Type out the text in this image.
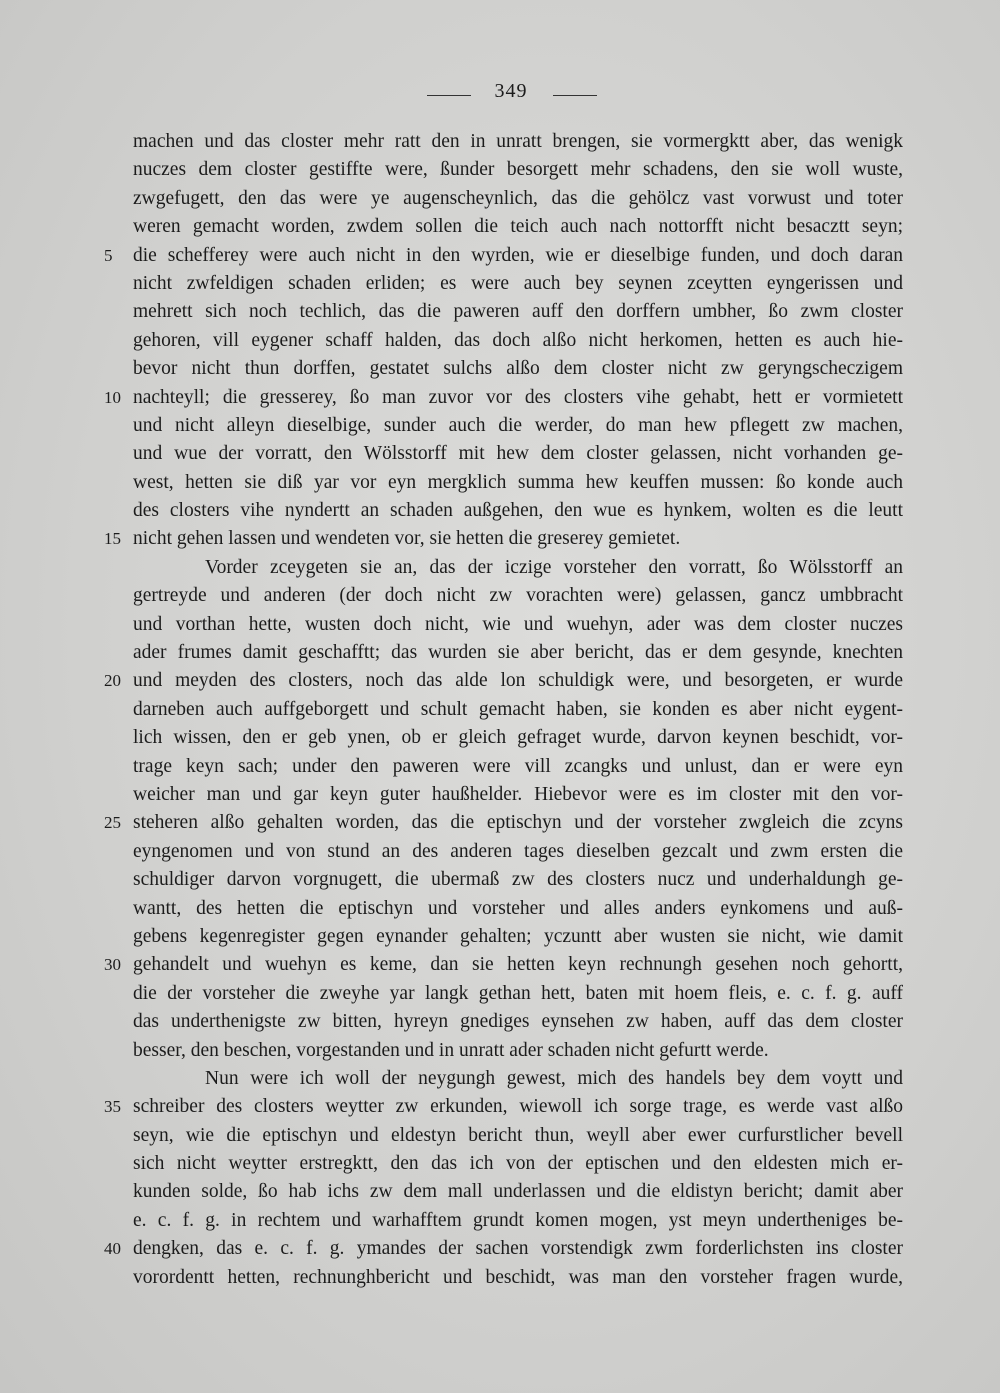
349
machen und das closter mehr ratt den in unratt brengen, sie vormergktt aber, das wenigk
nuczes dem closter gestiffte were, ßunder besorgett mehr schadens, den sie woll wuste,
zwgefugett, den das were ye augenscheynlich, das die gehölcz vast vorwust und toter
weren gemacht worden, zwdem sollen die teich auch nach nottorfft nicht besacztt seyn;
5	die schefferey were auch nicht in den wyrden, wie er dieselbige funden, und doch daran
nicht zwfeldigen schaden erliden; es were auch bey seynen zceytten eyngerissen und
mehrett sich noch techlich, das die paweren auff den dorffern umbher, ßo zwm closter
gehoren, vill eygener schaff halden, das doch alßo nicht herkomen, hetten es auch hie-
bevor nicht thun dorffen, gestatet sulchs alßo dem closter nicht zw geryngscheczigem
10 nachteyll; die gresserey, ßo man zuvor vor des closters vihe gehabt, hett er vormietett
und nicht alleyn dieselbige, sunder auch die werder, do man hew pflegett zw machen,
und wue der vorratt, den Wölsstorff mit hew dem closter gelassen, nicht vorhanden ge-
west, hetten sie diß yar vor eyn mergklich summa hew keuffen mussen: ßo konde auch
des closters vihe nyndertt an schaden außgehen, den wue es hynkem, wolten es die leutt
15 nicht gehen lassen und wendeten vor, sie hetten die greserey gemietet.
Vorder zceygeten sie an, das der iczige vorsteher den vorratt, ßo Wölsstorff an
gertreyde und anderen (der doch nicht zw vorachten were) gelassen, gancz umbbracht
und vorthan hette, wusten doch nicht, wie und wuehyn, ader was dem closter nuczes
ader frumes damit geschafftt; das wurden sie aber bericht, das er dem gesynde, knechten
20 und meyden des closters, noch das alde lon schuldigk were, und besorgeten, er wurde
darneben auch auffgeborgett und schult gemacht haben, sie konden es aber nicht eygent-
lich wissen, den er geb ynen, ob er gleich gefraget wurde, darvon keynen beschidt, vor-
trage keyn sach; under den paweren were vill zcangks und unlust, dan er were eyn
weicher man und gar keyn guter haußhelder. Hiebevor were es im closter mit den vor-
25 steheren alßo gehalten worden, das die eptischyn und der vorsteher zwgleich die zcyns
eyngenomen und von stund an des anderen tages dieselben gezcalt und zwm ersten die
schuldiger darvon vorgnugett, die ubermaß zw des closters nucz und underhaldungh ge-
wantt, des hetten die eptischyn und vorsteher und alles anders eynkomens und auß-
gebens kegenregister gegen eynander gehalten; yczuntt aber wusten sie nicht, wie damit
30 gehandelt und wuehyn es keme, dan sie hetten keyn rechnungh gesehen noch gehortt,
die der vorsteher die zweyhe yar langk gethan hett, baten mit hoem fleis, e. c. f. g. auff
das underthenigste zw bitten, hyreyn gnediges eynsehen zw haben, auff das dem closter
besser, den beschen, vorgestanden und in unratt ader schaden nicht gefurtt werde.
Nun were ich woll der neygungh gewest, mich des handels bey dem voytt und
35 schreiber des closters weytter zw erkunden, wiewoll ich sorge trage, es werde vast alßo
seyn, wie die eptischyn und eldestyn bericht thun, weyll aber ewer curfurstlicher bevell
sich nicht weytter erstregktt, den das ich von der eptischen und den eldesten mich er-
kunden solde, ßo hab ichs zw dem mall underlassen und die eldistyn bericht; damit aber
e. c. f. g. in rechtem und warhafftem grundt komen mogen, yst meyn undertheniges be-
40 dengken, das e. c. f. g. ymandes der sachen vorstendigk zwm forderlichsten ins closter
vorordentt hetten, rechnunghbericht und beschidt, was man den vorsteher fragen wurde,
